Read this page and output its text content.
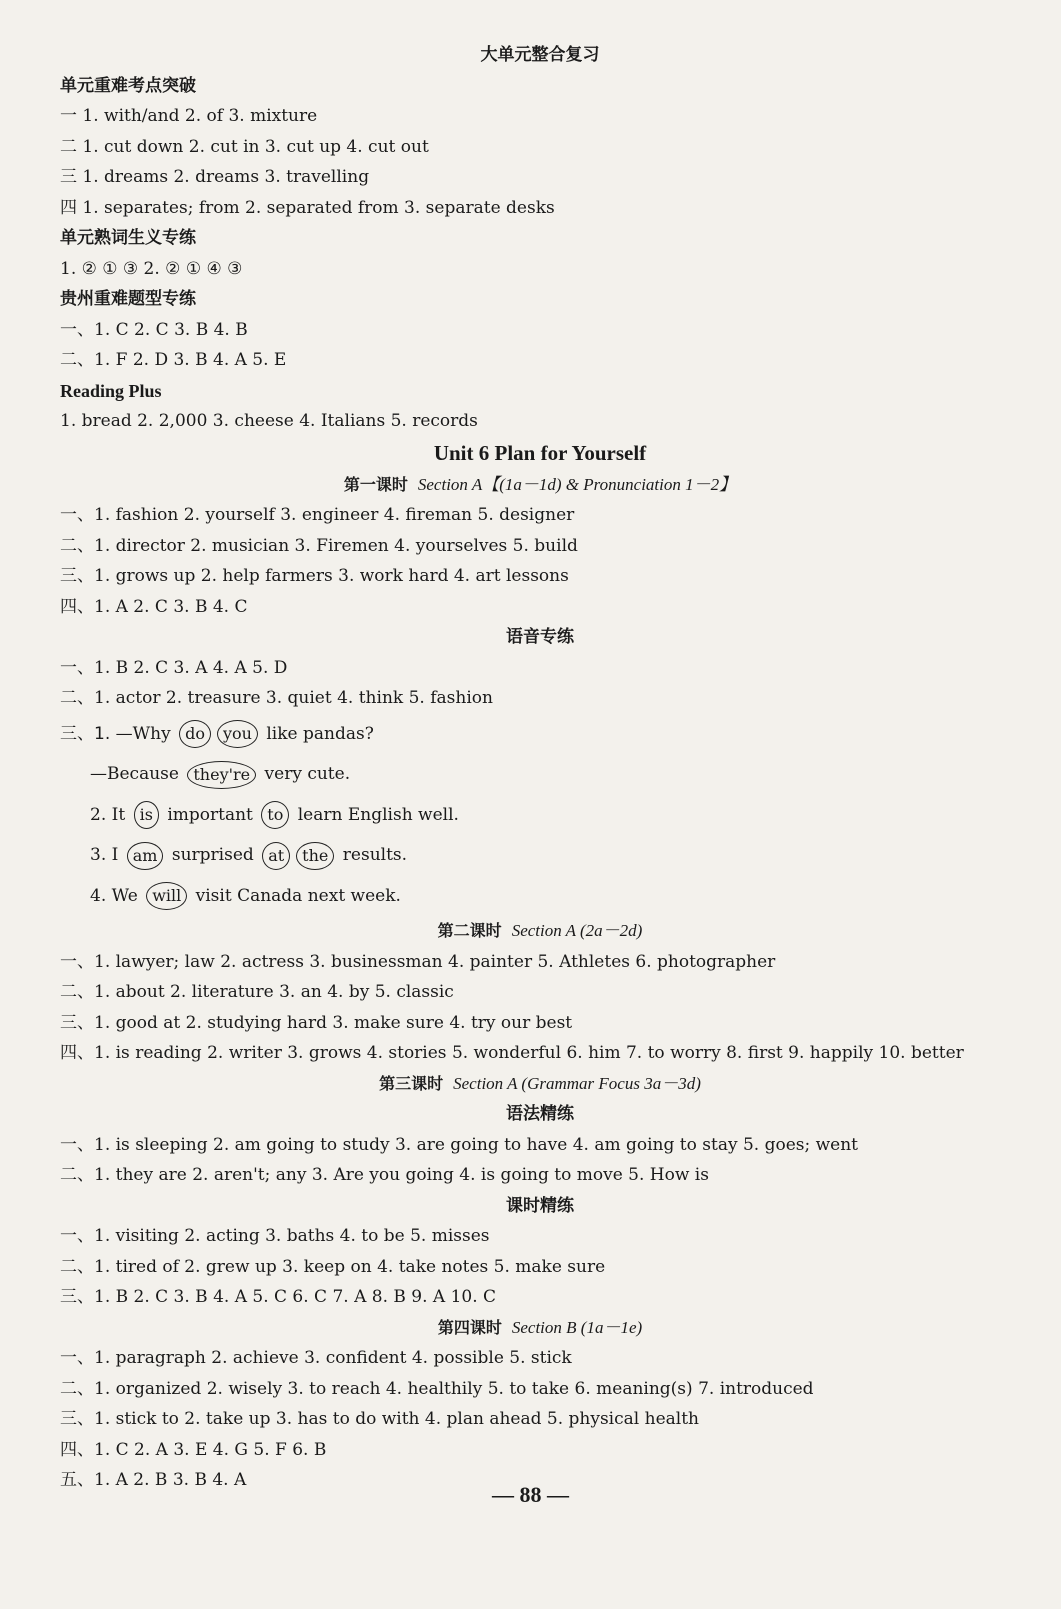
大单元整合复习
单元重难考点突破
一 1. with/and 2. of 3. mixture
二 1. cut down 2. cut in 3. cut up 4. cut out
三 1. dreams 2. dreams 3. travelling
四 1. separates; from 2. separated from 3. separate desks
单元熟词生义专练
1. ② ① ③ 2. ② ① ④ ③
贵州重难题型专练
一、1. C 2. C 3. B 4. B
二、1. F 2. D 3. B 4. A 5. E
Reading Plus
1. bread 2. 2,000 3. cheese 4. Italians 5. records
Unit 6 Plan for Yourself
第一课时 Section A【(1a－1d) & Pronunciation 1－2】
一、1. fashion 2. yourself 3. engineer 4. fireman 5. designer
二、1. director 2. musician 3. Firemen 4. yourselves 5. build
三、1. grows up 2. help farmers 3. work hard 4. art lessons
四、1. A 2. C 3. B 4. C
语音专练
一、1. B 2. C 3. A 4. A 5. D
二、1. actor 2. treasure 3. quiet 4. think 5. fashion
三、1. —Why do you like pandas?
—Because they're very cute.
2. It is important to learn English well.
3. I am surprised at the results.
4. We will visit Canada next week.
第二课时 Section A (2a－2d)
一、1. lawyer; law 2. actress 3. businessman 4. painter 5. Athletes 6. photographer
二、1. about 2. literature 3. an 4. by 5. classic
三、1. good at 2. studying hard 3. make sure 4. try our best
四、1. is reading 2. writer 3. grows 4. stories 5. wonderful 6. him 7. to worry 8. first 9. happily 10. better
第三课时 Section A (Grammar Focus 3a－3d)
语法精练
一、1. is sleeping 2. am going to study 3. are going to have 4. am going to stay 5. goes; went
二、1. they are 2. aren't; any 3. Are you going 4. is going to move 5. How is
课时精练
一、1. visiting 2. acting 3. baths 4. to be 5. misses
二、1. tired of 2. grew up 3. keep on 4. take notes 5. make sure
三、1. B 2. C 3. B 4. A 5. C 6. C 7. A 8. B 9. A 10. C
第四课时 Section B (1a－1e)
一、1. paragraph 2. achieve 3. confident 4. possible 5. stick
二、1. organized 2. wisely 3. to reach 4. healthily 5. to take 6. meaning(s) 7. introduced
三、1. stick to 2. take up 3. has to do with 4. plan ahead 5. physical health
四、1. C 2. A 3. E 4. G 5. F 6. B
五、1. A 2. B 3. B 4. A
— 88 —
